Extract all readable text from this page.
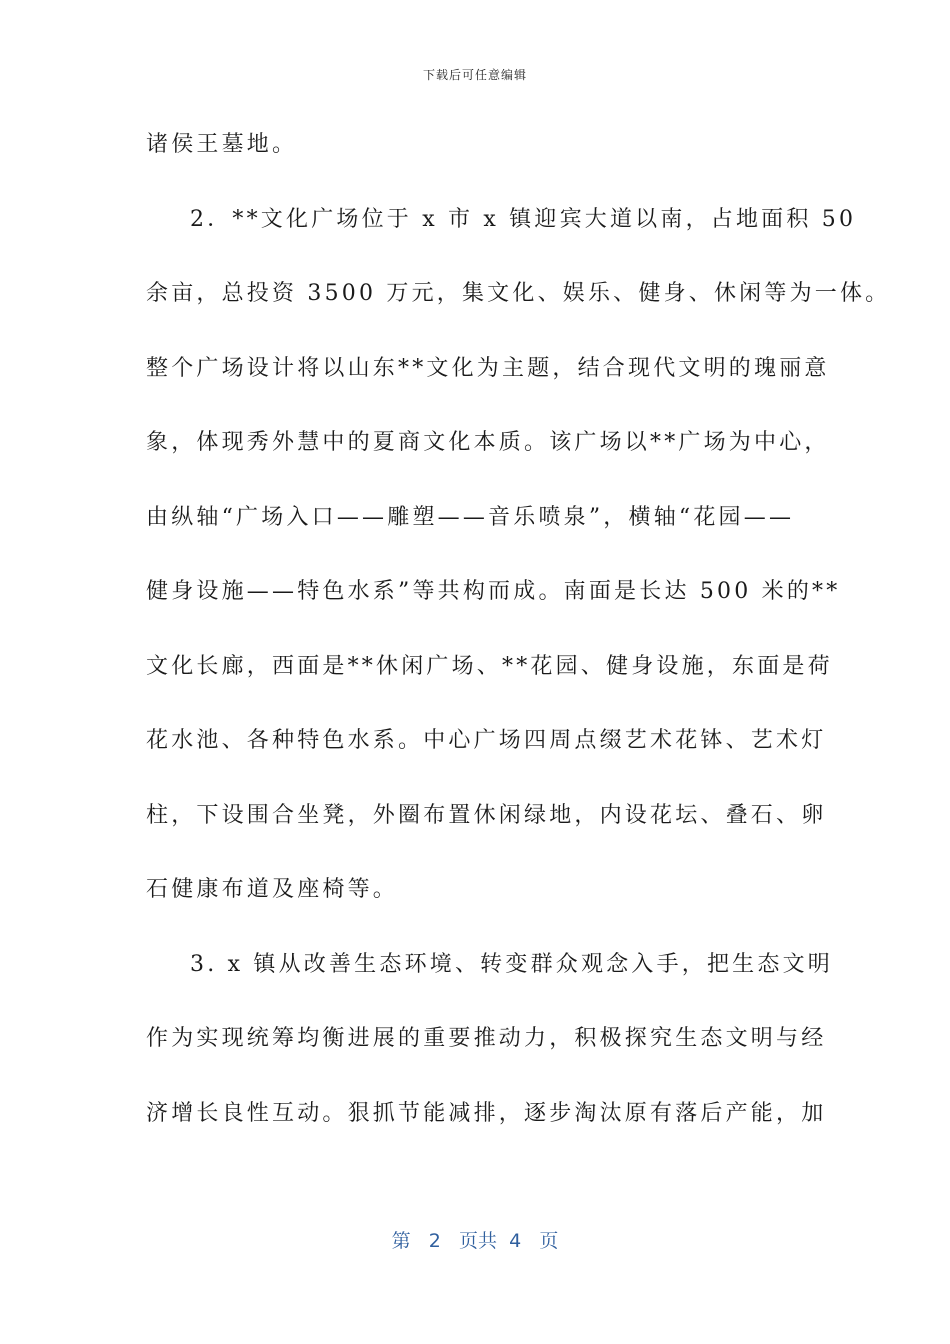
下载后可任意编辑
诸侯王墓地。
2．**文化广场位于 x 市 x 镇迎宾大道以南，占地面积 50
余亩，总投资 3500 万元，集文化、娱乐、健身、休闲等为一体。
整个广场设计将以山东**文化为主题，结合现代文明的瑰丽意
象，体现秀外慧中的夏商文化本质。该广场以**广场为中心，
由纵轴“广场入口——雕塑——音乐喷泉”，横轴“花园——
健身设施——特色水系”等共构而成。南面是长达 500 米的**
文化长廊，西面是**休闲广场、**花园、健身设施，东面是荷
花水池、各种特色水系。中心广场四周点缀艺术花钵、艺术灯
柱，下设围合坐凳，外圈布置休闲绿地，内设花坛、叠石、卵
石健康布道及座椅等。
3. x 镇从改善生态环境、转变群众观念入手，把生态文明
作为实现统筹均衡进展的重要推动力，积极探究生态文明与经
济增长良性互动。狠抓节能减排，逐步淘汰原有落后产能，加
第 2 页共 4 页
